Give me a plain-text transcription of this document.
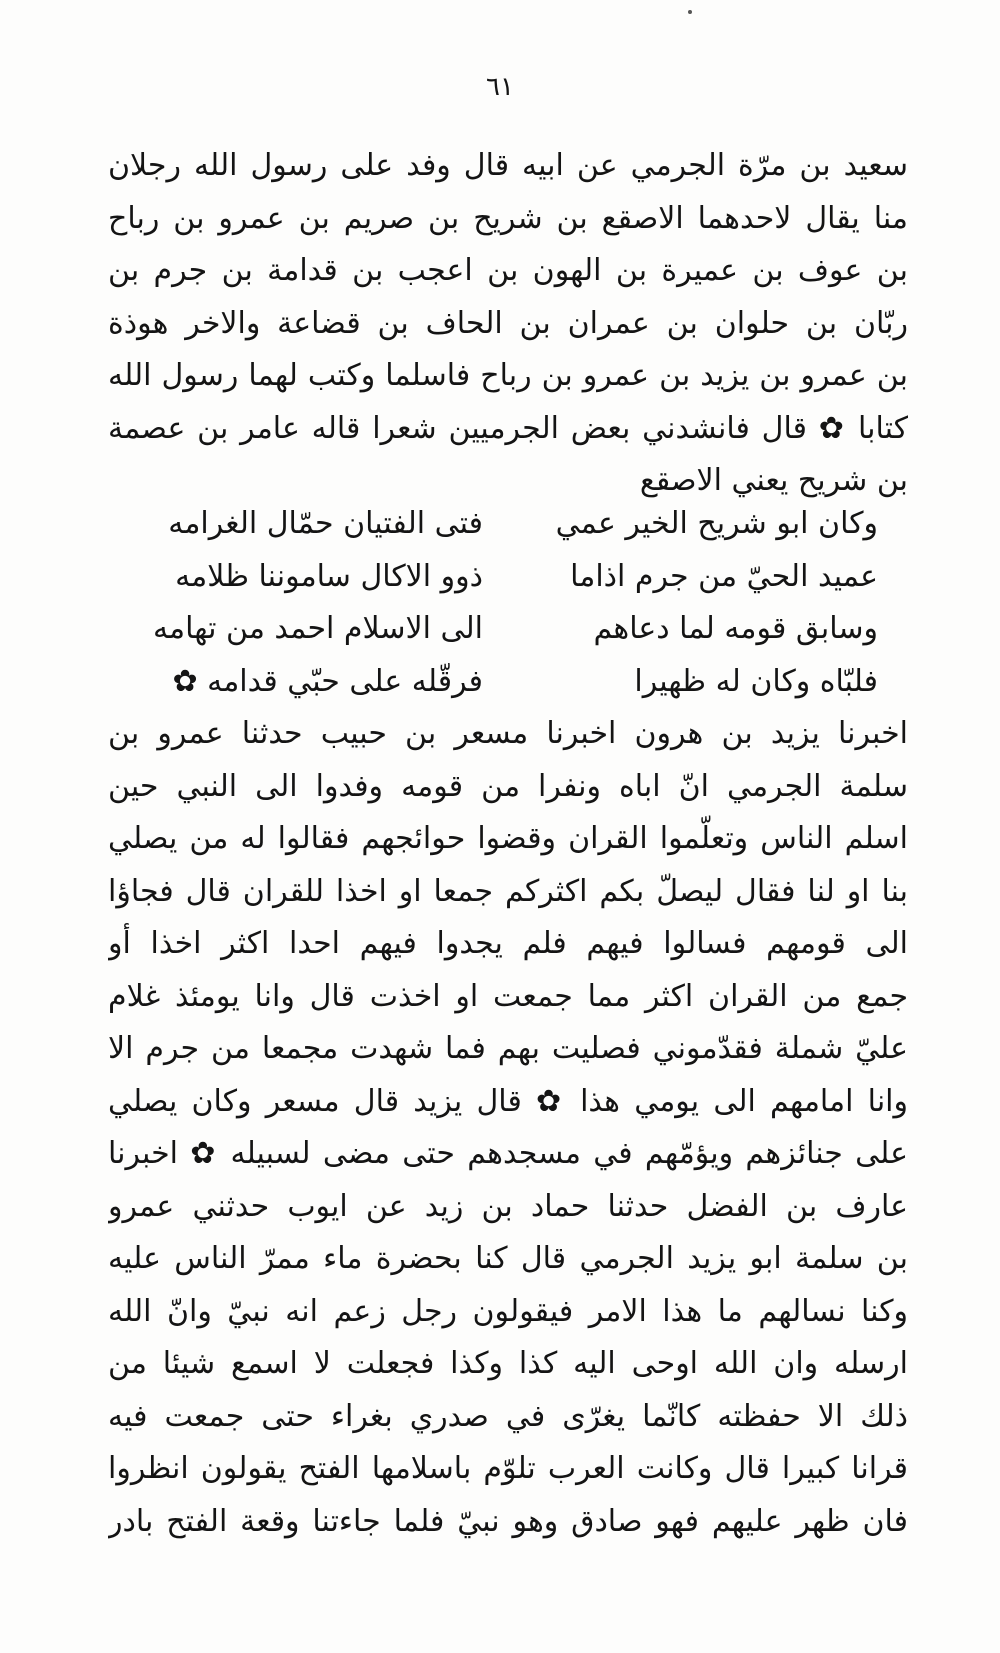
٦١
سعيد بن مرّة الجرمي عن ابيه قال وفد على رسول الله رجلان
منا يقال لاحدهما الاصقع بن شريح بن صريم بن عمرو بن رباح
بن عوف بن عميرة بن الهون بن اعجب بن قدامة بن جرم بن
ربّان بن حلوان بن عمران بن الحاف بن قضاعة والاخر هوذة
بن عمرو بن يزيد بن عمرو بن رباح فاسلما وكتب لهما رسول الله
كتابا ✿ قال فانشدني بعض الجرميين شعرا قاله عامر بن عصمة
بن شريح يعني الاصقع
وكان ابو شريح الخير عمي
فتى الفتيان حمّال الغرامه
عميد الحيّ من جرم اذاما
ذوو الاكال ساموننا ظلامه
وسابق قومه لما دعاهم
الى الاسلام احمد من تهامه
فلبّاه وكان له ظهيرا
فرقّله على حبّي قدامه ✿
اخبرنا يزيد بن هرون اخبرنا مسعر بن حبيب حدثنا عمرو بن
سلمة الجرمي انّ اباه ونفرا من قومه وفدوا الى النبي حين
اسلم الناس وتعلّموا القران وقضوا حوائجهم فقالوا له من يصلي
بنا او لنا فقال ليصلّ بكم اكثركم جمعا او اخذا للقران قال فجاؤا
الى قومهم فسالوا فيهم فلم يجدوا فيهم احدا اكثر اخذا أو
جمع من القران اكثر مما جمعت او اخذت قال وانا يومئذ غلام
عليّ شملة فقدّموني فصليت بهم فما شهدت مجمعا من جرم الا
وانا امامهم الى يومي هذا ✿ قال يزيد قال مسعر وكان يصلي
على جنائزهم ويؤمّهم في مسجدهم حتى مضى لسبيله ✿ اخبرنا
عارف بن الفضل حدثنا حماد بن زيد عن ايوب حدثني عمرو
بن سلمة ابو يزيد الجرمي قال كنا بحضرة ماء ممرّ الناس عليه
وكنا نسالهم ما هذا الامر فيقولون رجل زعم انه نبيّ وانّ الله
ارسله وان الله اوحى اليه كذا وكذا فجعلت لا اسمع شيئا من
ذلك الا حفظته كانّما يغرّى في صدري بغراء حتى جمعت فيه
قرانا كبيرا قال وكانت العرب تلوّم باسلامها الفتح يقولون انظروا
فان ظهر عليهم فهو صادق وهو نبيّ فلما جاءتنا وقعة الفتح بادر
